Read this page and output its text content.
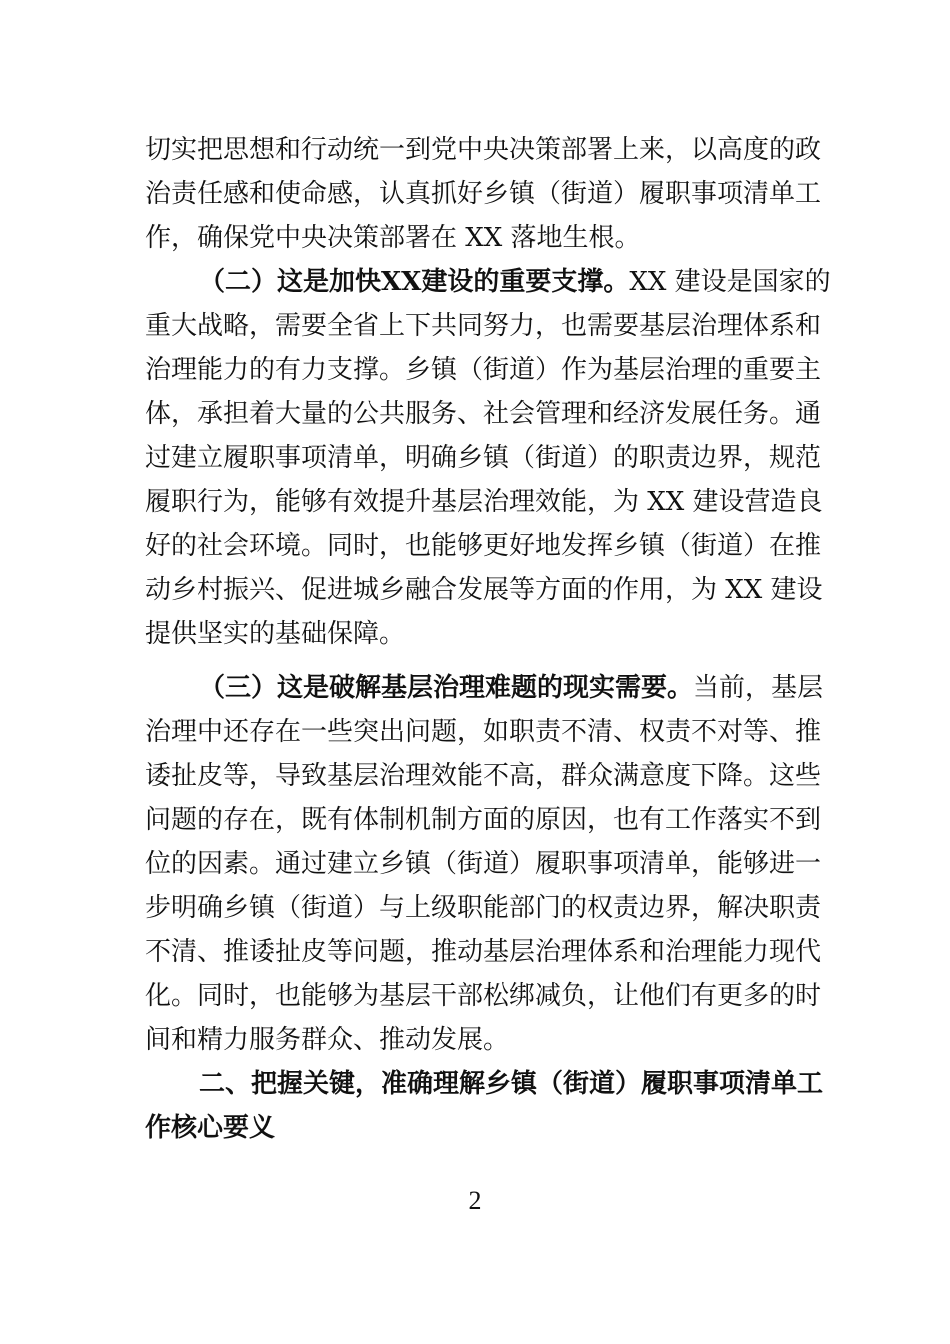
切实把思想和行动统一到党中央决策部署上来，以高度的政
治责任感和使命感，认真抓好乡镇（街道）履职事项清单工
作，确保党中央决策部署在 XX 落地生根。
（二）这是加快XX建设的重要支撑。XX 建设是国家的
重大战略，需要全省上下共同努力，也需要基层治理体系和
治理能力的有力支撑。乡镇（街道）作为基层治理的重要主
体，承担着大量的公共服务、社会管理和经济发展任务。通
过建立履职事项清单，明确乡镇（街道）的职责边界，规范
履职行为，能够有效提升基层治理效能，为 XX 建设营造良
好的社会环境。同时，也能够更好地发挥乡镇（街道）在推
动乡村振兴、促进城乡融合发展等方面的作用，为 XX 建设
提供坚实的基础保障。
（三）这是破解基层治理难题的现实需要。当前，基层
治理中还存在一些突出问题，如职责不清、权责不对等、推
诿扯皮等，导致基层治理效能不高，群众满意度下降。这些
问题的存在，既有体制机制方面的原因，也有工作落实不到
位的因素。通过建立乡镇（街道）履职事项清单，能够进一
步明确乡镇（街道）与上级职能部门的权责边界，解决职责
不清、推诿扯皮等问题，推动基层治理体系和治理能力现代
化。同时，也能够为基层干部松绑减负，让他们有更多的时
间和精力服务群众、推动发展。
二、把握关键，准确理解乡镇（街道）履职事项清单工
作核心要义
2
